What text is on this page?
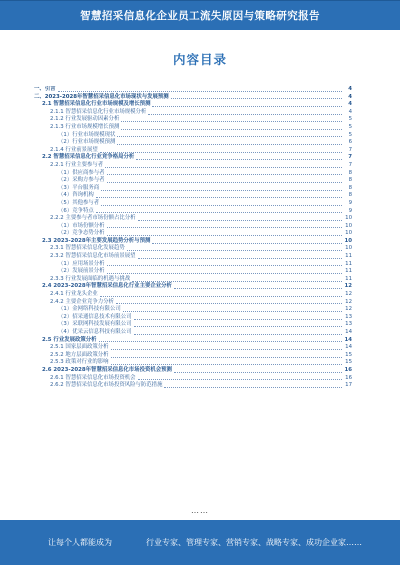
智慧招采信息化企业员工流失原因与策略研究报告
内容目录
一、引言	4
二、2023-2028年智慧招采信息化市场现状与发展预测	4
2.1 智慧招采信息化行业市场规模及增长预测	4
2.1.1 智慧招采信息化行业市场规模分析	4
2.1.2 行业发展驱动因素分析	5
2.1.3 行业市场规模增长预测	5
（1）行业市场规模现状	5
（2）行业市场规模预测	6
2.1.4 行业前景展望	7
2.2 智慧招采信息化行业竞争格局分析	7
2.2.1 行业主要参与者	7
（1）供应商参与者	8
（2）采购方参与者	8
（3）平台服务商	8
（4）咨询机构	8
（5）其他参与者	9
（6）竞争特点	9
2.2.2 主要参与者市场份额占比分析	10
（1）市场份额分析	10
（2）竞争态势分析	10
2.3 2023-2028年主要发展趋势分析与预测	10
2.3.1 智慧招采信息化发展趋势	10
2.3.2 智慧招采信息化市场前景展望	11
（1）应用场景分析	11
（2）发展前景分析	11
2.3.3 行业发展面临的机遇与挑战	11
2.4 2023-2028年智慧招采信息化行业主要企业分析	12
2.4.1 行业龙头企业	12
2.4.2 主要企业竞争力分析	12
（1）金网络科技有限公司	12
（2）招采通信息技术有限公司	13
（3）采联网科技发展有限公司	13
（4）优采云信息科技有限公司	14
2.5 行业发展政策分析	14
2.5.1 国家层面政策分析	14
2.5.2 地方层面政策分析	15
2.5.3 政策对行业的影响	15
2.6 2023-2028年智慧招采信息化市场投资机会预测	16
2.6.1 智慧招采信息化市场投资机会	16
2.6.2 智慧招采信息化市场投资风险与防范措施	17
……
让每个人都能成为	行业专家、管理专家、营销专家、战略专家、成功企业家……
